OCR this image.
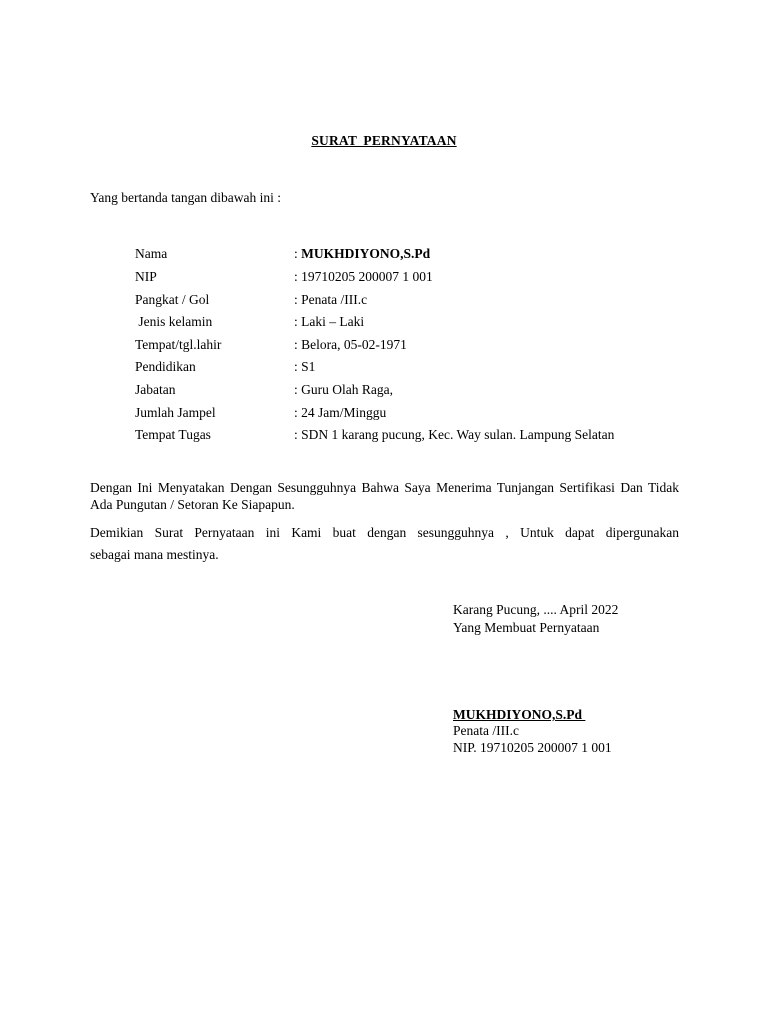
SURAT PERNYATAAN
Yang bertanda tangan dibawah ini :
Nama	: MUKHDIYONO,S.Pd
NIP	: 19710205 200007 1 001
Pangkat / Gol	: Penata /III.c
Jenis kelamin	: Laki – Laki
Tempat/tgl.lahir	: Belora, 05-02-1971
Pendidikan	: S1
Jabatan	: Guru Olah Raga,
Jumlah Jampel	: 24 Jam/Minggu
Tempat Tugas	: SDN 1 karang pucung, Kec. Way sulan. Lampung Selatan
Dengan Ini Menyatakan Dengan Sesungguhnya Bahwa Saya Menerima Tunjangan Sertifikasi Dan Tidak Ada Pungutan / Setoran Ke Siapapun.
Demikian Surat Pernyataan ini Kami buat dengan sesungguhnya , Untuk dapat dipergunakan
sebagai mana mestinya.
Karang Pucung, .... April 2022
Yang Membuat Pernyataan
MUKHDIYONO,S.Pd
Penata /III.c
NIP. 19710205 200007 1 001
